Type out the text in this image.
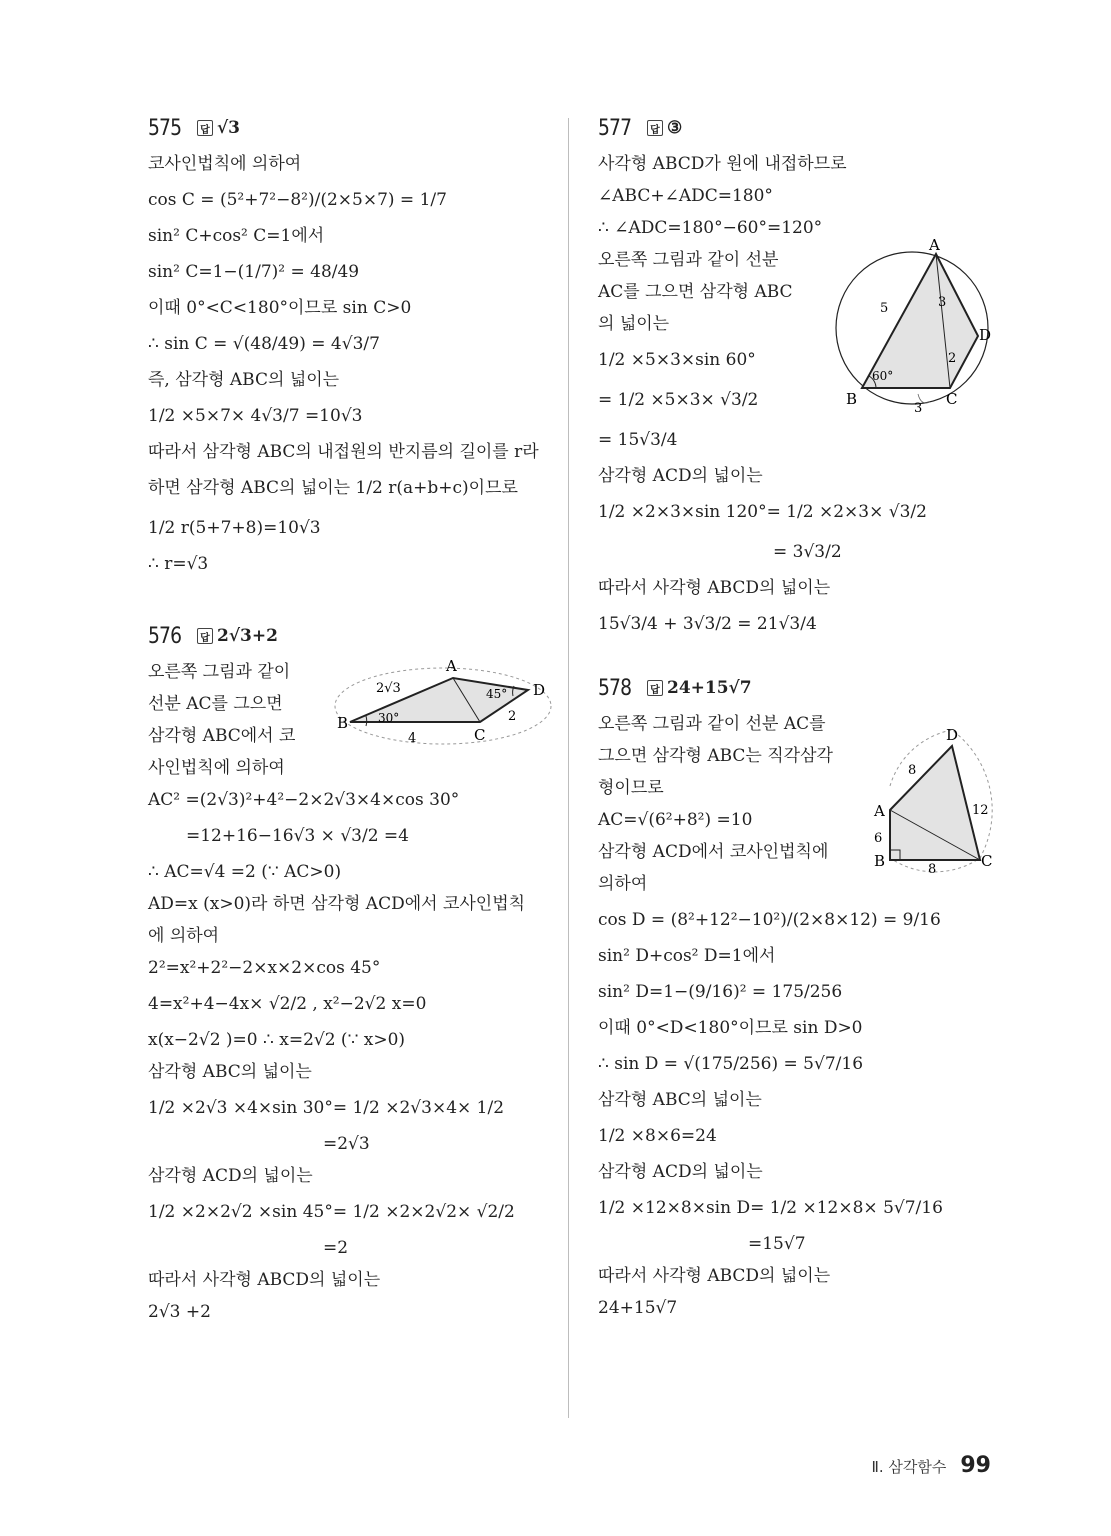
575	답 √3
코사인법칙에 의하여
cos C = (5²+7²−8²)/(2×5×7) = 1/7
sin² C+cos² C=1에서
sin² C=1−(1/7)² = 48/49
이때 0°<C<180°이므로 sin C>0
∴ sin C = √(48/49) = 4√3/7
즉, 삼각형 ABC의 넓이는
1/2 ×5×7× 4√3/7 =10√3
따라서 삼각형 ABC의 내접원의 반지름의 길이를 r라
하면 삼각형 ABC의 넓이는 1/2 r(a+b+c)이므로
1/2 r(5+7+8)=10√3
∴ r=√3
576	답 2√3+2
B
A
D
C
2√3
4
2
30°
45°
오른쪽 그림과 같이
선분 AC를 그으면
삼각형 ABC에서 코
사인법칙에 의하여
AC² =(2√3)²+4²−2×2√3×4×cos 30°
=12+16−16√3 × √3/2 =4
∴ AC=√4 =2 (∵ AC>0)
AD=x (x>0)라 하면 삼각형 ACD에서 코사인법칙
에 의하여
2²=x²+2²−2×x×2×cos 45°
4=x²+4−4x× √2/2 , x²−2√2 x=0
x(x−2√2 )=0 ∴ x=2√2 (∵ x>0)
삼각형 ABC의 넓이는
1/2 ×2√3 ×4×sin 30°= 1/2 ×2√3×4× 1/2
=2√3
삼각형 ACD의 넓이는
1/2 ×2×2√2 ×sin 45°= 1/2 ×2×2√2× √2/2
=2
따라서 사각형 ABCD의 넓이는
2√3 +2
577	답 ③
A
B	C
D
5	3
2
3
60°
사각형 ABCD가 원에 내접하므로
∠ABC+∠ADC=180°
∴ ∠ADC=180°−60°=120°
오른쪽 그림과 같이 선분
AC를 그으면 삼각형 ABC
의 넓이는
1/2 ×5×3×sin 60°
= 1/2 ×5×3× √3/2
= 15√3/4
삼각형 ACD의 넓이는
1/2 ×2×3×sin 120°= 1/2 ×2×3× √3/2
= 3√3/2
따라서 사각형 ABCD의 넓이는
15√3/4 + 3√3/2 = 21√3/4
578	답 24+15√7
D
A
B	C
8
12
6
8
오른쪽 그림과 같이 선분 AC를
그으면 삼각형 ABC는 직각삼각
형이므로
AC=√(6²+8²) =10
삼각형 ACD에서 코사인법칙에
의하여
cos D = (8²+12²−10²)/(2×8×12) = 9/16
sin² D+cos² D=1에서
sin² D=1−(9/16)² = 175/256
이때 0°<D<180°이므로 sin D>0
∴ sin D = √(175/256) = 5√7/16
삼각형 ABC의 넓이는
1/2 ×8×6=24
삼각형 ACD의 넓이는
1/2 ×12×8×sin D= 1/2 ×12×8× 5√7/16
=15√7
따라서 사각형 ABCD의 넓이는
24+15√7
Ⅱ. 삼각함수 99
